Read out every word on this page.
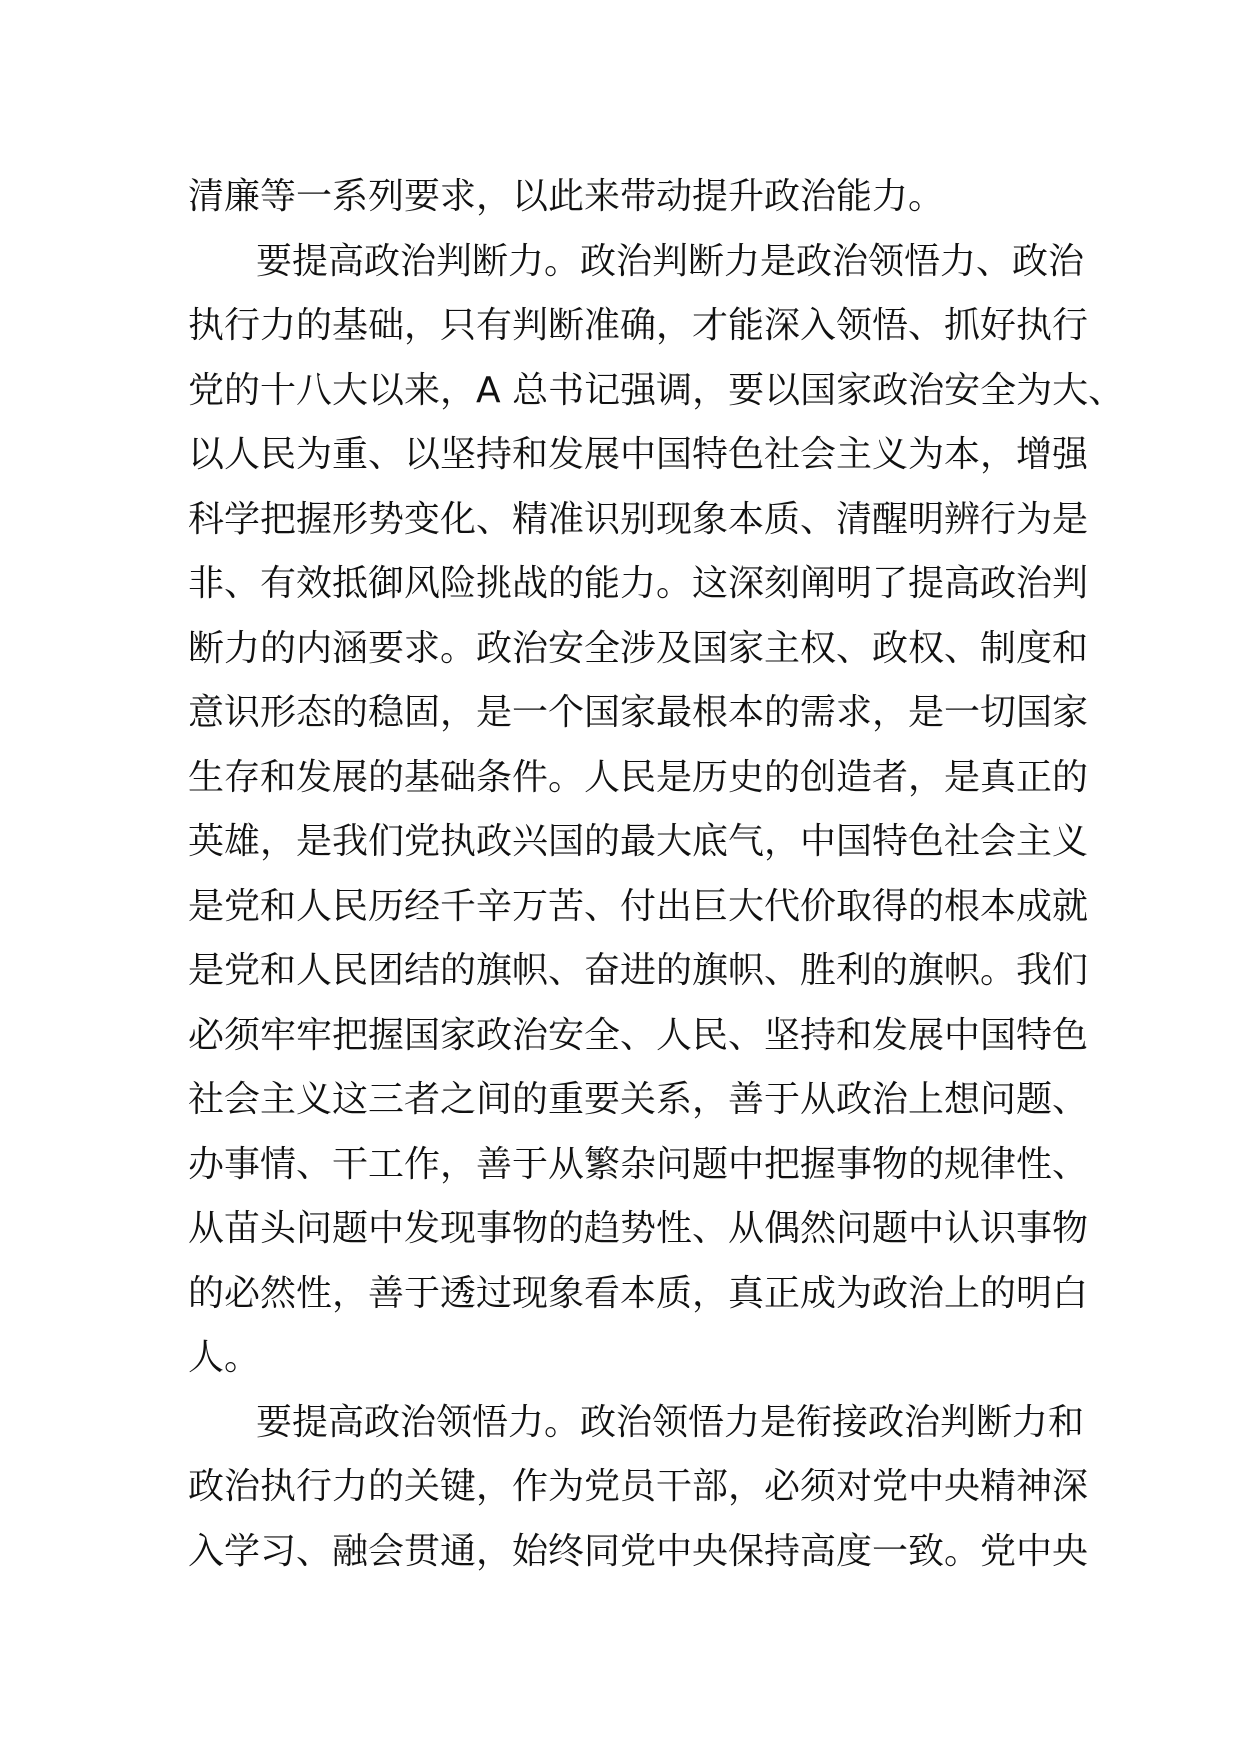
清廉等一系列要求，以此来带动提升政治能力。
要提高政治判断力。政治判断力是政治领悟力、政治
执行力的基础，只有判断准确，才能深入领悟、抓好执行
党的十八大以来，A 总书记强调，要以国家政治安全为大、
以人民为重、以坚持和发展中国特色社会主义为本，增强
科学把握形势变化、精准识别现象本质、清醒明辨行为是
非、有效抵御风险挑战的能力。这深刻阐明了提高政治判
断力的内涵要求。政治安全涉及国家主权、政权、制度和
意识形态的稳固，是一个国家最根本的需求，是一切国家
生存和发展的基础条件。人民是历史的创造者，是真正的
英雄，是我们党执政兴国的最大底气，中国特色社会主义
是党和人民历经千辛万苦、付出巨大代价取得的根本成就
是党和人民团结的旗帜、奋进的旗帜、胜利的旗帜。我们
必须牢牢把握国家政治安全、人民、坚持和发展中国特色
社会主义这三者之间的重要关系，善于从政治上想问题、
办事情、干工作，善于从繁杂问题中把握事物的规律性、
从苗头问题中发现事物的趋势性、从偶然问题中认识事物
的必然性，善于透过现象看本质，真正成为政治上的明白
人。
要提高政治领悟力。政治领悟力是衔接政治判断力和
政治执行力的关键，作为党员干部，必须对党中央精神深
入学习、融会贯通，始终同党中央保持高度一致。党中央
